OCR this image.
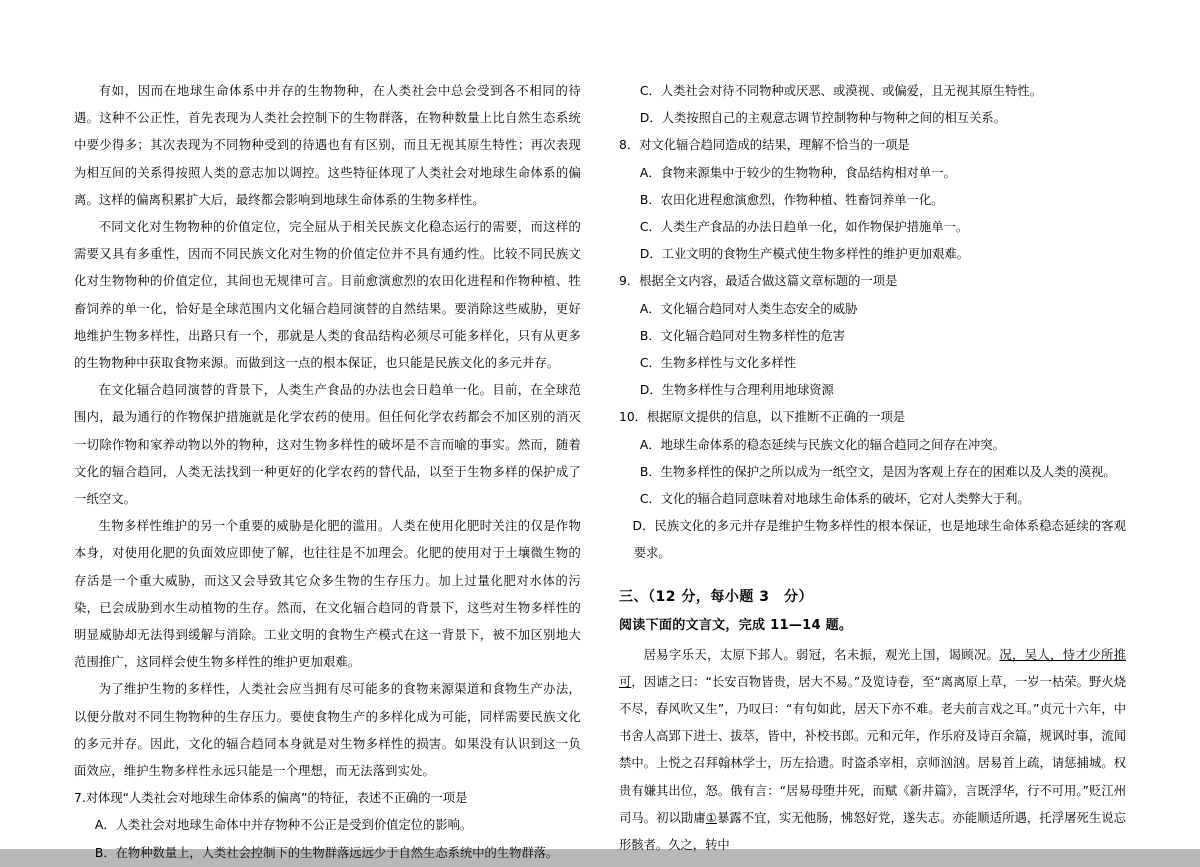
有如，因而在地球生命体系中并存的生物物种，在人类社会中总会受到各不相同的待遇。这种不公正性，首先表现为人类社会控制下的生物群落，在物种数量上比自然生态系统中要少得多；其次表现为不同物种受到的待遇也有有区别，而且无视其原生特性；再次表现为相互间的关系得按照人类的意志加以调控。这些特征体现了人类社会对地球生命体系的偏离。这样的偏离积累扩大后，最终都会影响到地球生命体系的生物多样性。

不同文化对生物物种的价值定位，完全屈从于相关民族文化稳态运行的需要，而这样的需要又具有多重性，因而不同民族文化对生物的价值定位并不具有通约性。比较不同民族文化对生物物种的价值定位，其间也无规律可言。目前愈演愈烈的农田化进程和作物种植、牲畜饲养的单一化，恰好是全球范围内文化辐合趋同演替的自然结果。要消除这些威胁，更好地维护生物多样性，出路只有一个，那就是人类的食品结构必须尽可能多样化，只有从更多的生物物种中获取食物来源。而做到这一点的根本保证，也只能是民族文化的多元并存。

在文化辐合趋同演替的背景下，人类生产食品的办法也会日趋单一化。目前，在全球范围内，最为通行的作物保护措施就是化学农药的使用。但任何化学农药都会不加区别的消灭一切除作物和家养动物以外的物种，这对生物多样性的破坏是不言而喻的事实。然而，随着文化的辐合趋同，人类无法找到一种更好的化学农药的替代品，以至于生物多样的保护成了一纸空文。

生物多样性维护的另一个重要的威胁是化肥的滥用。人类在使用化肥时关注的仅是作物本身，对使用化肥的负面效应即使了解，也往往是不加理会。化肥的使用对于土壤微生物的存活是一个重大威胁，而这又会导致其它众多生物的生存压力。加上过量化肥对水体的污染，已会成胁到水生动植物的生存。然而，在文化辐合趋同的背景下，这些对生物多样性的明显威胁却无法得到缓解与消除。工业文明的食物生产模式在这一背景下，被不加区别地大范围推广，这同样会使生物多样性的维护更加艰难。

为了维护生物的多样性，人类社会应当拥有尽可能多的食物来源渠道和食物生产办法，以便分散对不同生物物种的生存压力。要使食物生产的多样化成为可能，同样需要民族文化的多元并存。因此，文化的辐合趋同本身就是对生物多样性的损害。如果没有认识到这一负面效应，维护生物多样性永远只能是一个理想，而无法落到实处。

7. 对体现“人类社会对地球生命体系的偏离”的特征，表述不正确的一项是
A．人类社会对地球生命体中并存物种不公正是受到价值定位的影响。
B．在物种数量上，人类社会控制下的生物群落远远少于自然生态系统中的生物群落。
C．人类社会对待不同物种或厌恶、或漠视、或偏爱，且无视其原生特性。
D．人类按照自己的主观意志调节控制物种与物种之间的相互关系。
8． 对文化辐合趋同造成的结果，理解不恰当的一项是
A．食物来源集中于较少的生物物种，食品结构相对单一。
B．农田化进程愈演愈烈，作物种植、牲畜饲养单一化。
C．人类生产食品的办法日趋单一化，如作物保护措施单一。
D．工业文明的食物生产模式使生物多样性的维护更加艰难。
9． 根据全文内容，最适合做这篇文章标题的一项是
A．文化辐合趋同对人类生态安全的威胁
B．文化辐合趋同对生物多样性的危害
C．生物多样性与文化多样性
D．生物多样性与合理利用地球资源
10． 根据原文提供的信息，以下推断不正确的一项是
A．地球生命体系的稳态延续与民族文化的辐合趋同之间存在冲突。
B．生物多样性的保护之所以成为一纸空文，是因为客观上存在的困难以及人类的漠视。
C．文化的辐合趋同意味着对地球生命体系的破坏，它对人类弊大于利。
D．民族文化的多元并存是维护生物多样性的根本保证，也是地球生命体系稳态延续的客观要求。
三、（12 分，每小题 3　分）
阅读下面的文言文，完成 11—14 题。
居易字乐天，太原下邽人。弱冠，名未振，观光上国，谒顾况。况，吴人，恃才少所推可，因谑之曰：“长安百物皆贵，居大不易。”及览诗卷，至“离离原上草，一岁一枯荣。野火烧不尽，春风吹又生”，乃叹曰：“有句如此，居天下亦不难。老夫前言戏之耳。”贞元十六年，中书舍人高郢下进士、拔萃，皆中，补校书郎。元和元年，作乐府及诗百余篇，规讽时事，流闻禁中。上悦之召拜翰林学士，历左拾遗。时盗杀宰相，京师汹汹。居易首上疏，请惩捕城。权贵有嫌其出位，怒。俄有言：“居易母堕井死，而赋《新井篇》，言既浮华，行不可用。”贬江州司马。初以勖庸①暴露不宜，实无他肠，怫怒好党，遂失志。亦能顺适所遇，托浮屠死生说忘形骸者。久之，转中
